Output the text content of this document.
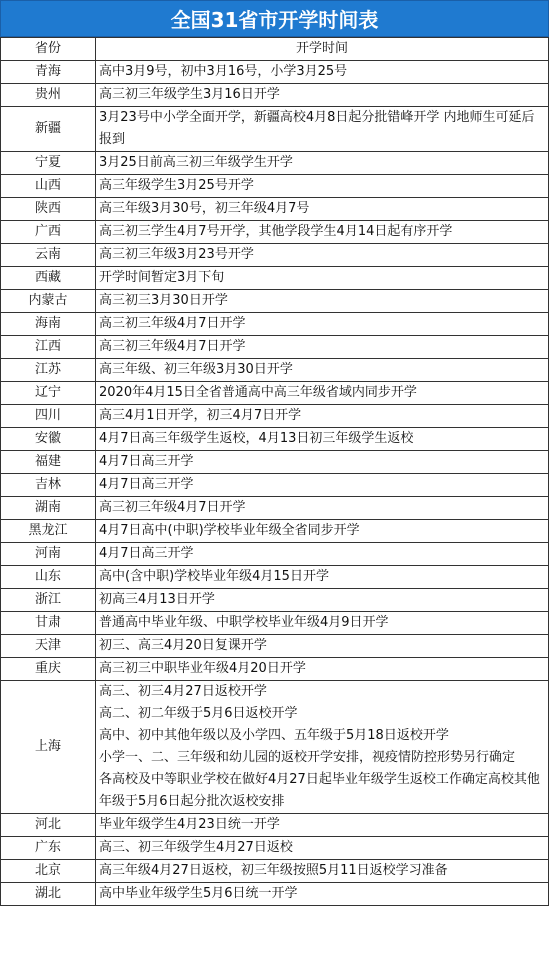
全国31省市开学时间表
省份	开学时间
青海	高中3月9号，初中3月16号，小学3月25号

贵州	高三初三年级学生3月16日开学

新疆	3月23号中小学全面开学，新疆高校4月8日起分批错峰开学 内地师生可延后报到

宁夏	3月25日前高三初三年级学生开学

山西	高三年级学生3月25号开学

陕西	高三年级3月30号，初三年级4月7号

广西	高三初三学生4月7号开学，其他学段学生4月14日起有序开学

云南	高三初三年级3月23号开学

西藏	开学时间暂定3月下旬

内蒙古	高三初三3月30日开学

海南	高三初三年级4月7日开学

江西	高三初三年级4月7日开学

江苏	高三年级、初三年级3月30日开学

辽宁	2020年4月15日全省普通高中高三年级省域内同步开学

四川	高三4月1日开学，初三4月7日开学

安徽	4月7日高三年级学生返校，4月13日初三年级学生返校

福建	4月7日高三开学

吉林	4月7日高三开学

湖南	高三初三年级4月7日开学

黑龙江	4月7日高中(中职)学校毕业年级全省同步开学

河南	4月7日高三开学

山东	高中(含中职)学校毕业年级4月15日开学

浙江	初高三4月13日开学

甘肃	普通高中毕业年级、中职学校毕业年级4月9日开学

天津	初三、高三4月20日复课开学

重庆	高三初三中职毕业年级4月20日开学

上海	高三、初三4月27日返校开学
高二、初二年级于5月6日返校开学
高中、初中其他年级以及小学四、五年级于5月18日返校开学
小学一、二、三年级和幼儿园的返校开学安排，视疫情防控形势另行确定
各高校及中等职业学校在做好4月27日起毕业年级学生返校工作确定高校其他年级于5月6日起分批次返校安排

河北	毕业年级学生4月23日统一开学

广东	高三、初三年级学生4月27日返校

北京	高三年级4月27日返校，初三年级按照5月11日返校学习准备

湖北	高中毕业年级学生5月6日统一开学
